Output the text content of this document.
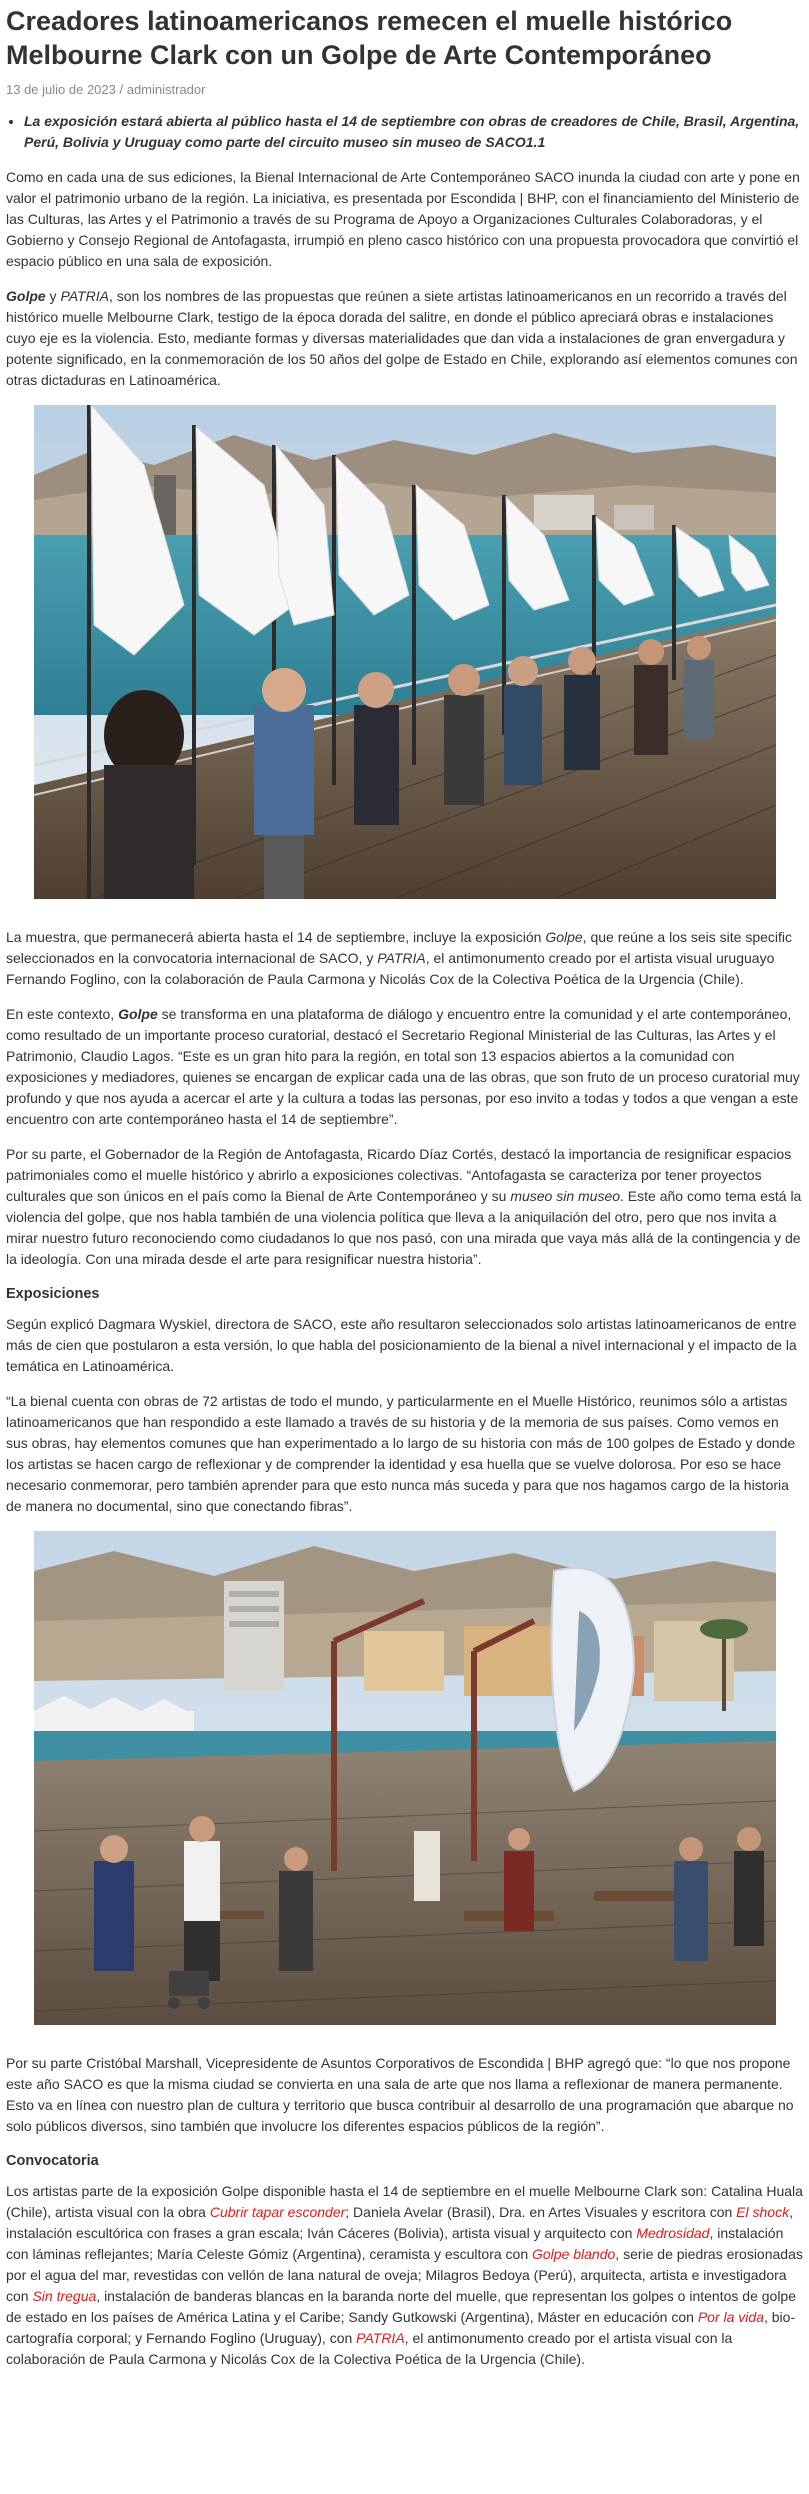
Creadores latinoamericanos remecen el muelle histórico Melbourne Clark con un Golpe de Arte Contemporáneo
13 de julio de 2023 / administrador
• La exposición estará abierta al público hasta el 14 de septiembre con obras de creadores de Chile, Brasil, Argentina, Perú, Bolivia y Uruguay como parte del circuito museo sin museo de SACO1.1

Como en cada una de sus ediciones, la Bienal Internacional de Arte Contemporáneo SACO inunda la ciudad con arte y pone en valor el patrimonio urbano de la región. La iniciativa, es presentada por Escondida | BHP, con el financiamiento del Ministerio de las Culturas, las Artes y el Patrimonio a través de su Programa de Apoyo a Organizaciones Culturales Colaboradoras, y el Gobierno y Consejo Regional de Antofagasta, irrumpió en pleno casco histórico con una propuesta provocadora que convirtió el espacio público en una sala de exposición.

Golpe y PATRIA, son los nombres de las propuestas que reúnen a siete artistas latinoamericanos en un recorrido a través del histórico muelle Melbourne Clark, testigo de la época dorada del salitre, en donde el público apreciará obras e instalaciones cuyo eje es la violencia. Esto, mediante formas y diversas materialidades que dan vida a instalaciones de gran envergadura y potente significado, en la conmemoración de los 50 años del golpe de Estado en Chile, explorando así elementos comunes con otras dictaduras en Latinoamérica.

La muestra, que permanecerá abierta hasta el 14 de septiembre, incluye la exposición Golpe, que reúne a los seis site specific seleccionados en la convocatoria internacional de SACO, y PATRIA, el antimonumento creado por el artista visual uruguayo Fernando Foglino, con la colaboración de Paula Carmona y Nicolás Cox de la Colectiva Poética de la Urgencia (Chile).

En este contexto, Golpe se transforma en una plataforma de diálogo y encuentro entre la comunidad y el arte contemporáneo, como resultado de un importante proceso curatorial, destacó el Secretario Regional Ministerial de las Culturas, las Artes y el Patrimonio, Claudio Lagos. “Este es un gran hito para la región, en total son 13 espacios abiertos a la comunidad con exposiciones y mediadores, quienes se encargan de explicar cada una de las obras, que son fruto de un proceso curatorial muy profundo y que nos ayuda a acercar el arte y la cultura a todas las personas, por eso invito a todas y todos a que vengan a este encuentro con arte contemporáneo hasta el 14 de septiembre”.

Por su parte, el Gobernador de la Región de Antofagasta, Ricardo Díaz Cortés, destacó la importancia de resignificar espacios patrimoniales como el muelle histórico y abrirlo a exposiciones colectivas. “Antofagasta se caracteriza por tener proyectos culturales que son únicos en el país como la Bienal de Arte Contemporáneo y su museo sin museo. Este año como tema está la violencia del golpe, que nos habla también de una violencia política que lleva a la aniquilación del otro, pero que nos invita a mirar nuestro futuro reconociendo como ciudadanos lo que nos pasó, con una mirada que vaya más allá de la contingencia y de la ideología. Con una mirada desde el arte para resignificar nuestra historia”.

Exposiciones

Según explicó Dagmara Wyskiel, directora de SACO, este año resultaron seleccionados solo artistas latinoamericanos de entre más de cien que postularon a esta versión, lo que habla del posicionamiento de la bienal a nivel internacional y el impacto de la temática en Latinoamérica.

“La bienal cuenta con obras de 72 artistas de todo el mundo, y particularmente en el Muelle Histórico, reunimos sólo a artistas latinoamericanos que han respondido a este llamado a través de su historia y de la memoria de sus países. Como vemos en sus obras, hay elementos comunes que han experimentado a lo largo de su historia con más de 100 golpes de Estado y donde los artistas se hacen cargo de reflexionar y de comprender la identidad y esa huella que se vuelve dolorosa. Por eso se hace necesario conmemorar, pero también aprender para que esto nunca más suceda y para que nos hagamos cargo de la historia de manera no documental, sino que conectando fibras”.

Por su parte Cristóbal Marshall, Vicepresidente de Asuntos Corporativos de Escondida | BHP agregó que: “lo que nos propone este año SACO es que la misma ciudad se convierta en una sala de arte que nos llama a reflexionar de manera permanente. Esto va en línea con nuestro plan de cultura y territorio que busca contribuir al desarrollo de una programación que abarque no solo públicos diversos, sino también que involucre los diferentes espacios públicos de la región”.

Convocatoria

Los artistas parte de la exposición Golpe disponible hasta el 14 de septiembre en el muelle Melbourne Clark son: Catalina Huala (Chile), artista visual con la obra Cubrir tapar esconder; Daniela Avelar (Brasil), Dra. en Artes Visuales y escritora con El shock, instalación escultórica con frases a gran escala; Iván Cáceres (Bolivia), artista visual y arquitecto con Medrosidad, instalación con láminas reflejantes; María Celeste Gómiz (Argentina), ceramista y escultora con Golpe blando, serie de piedras erosionadas por el agua del mar, revestidas con vellón de lana natural de oveja; Milagros Bedoya (Perú), arquitecta, artista e investigadora con Sin tregua, instalación de banderas blancas en la baranda norte del muelle, que representan los golpes o intentos de golpe de estado en los países de América Latina y el Caribe; Sandy Gutkowski (Argentina), Máster en educación con Por la vida, bio-cartografía corporal; y Fernando Foglino (Uruguay), con PATRIA, el antimonumento creado por el artista visual con la colaboración de Paula Carmona y Nicolás Cox de la Colectiva Poética de la Urgencia (Chile).
